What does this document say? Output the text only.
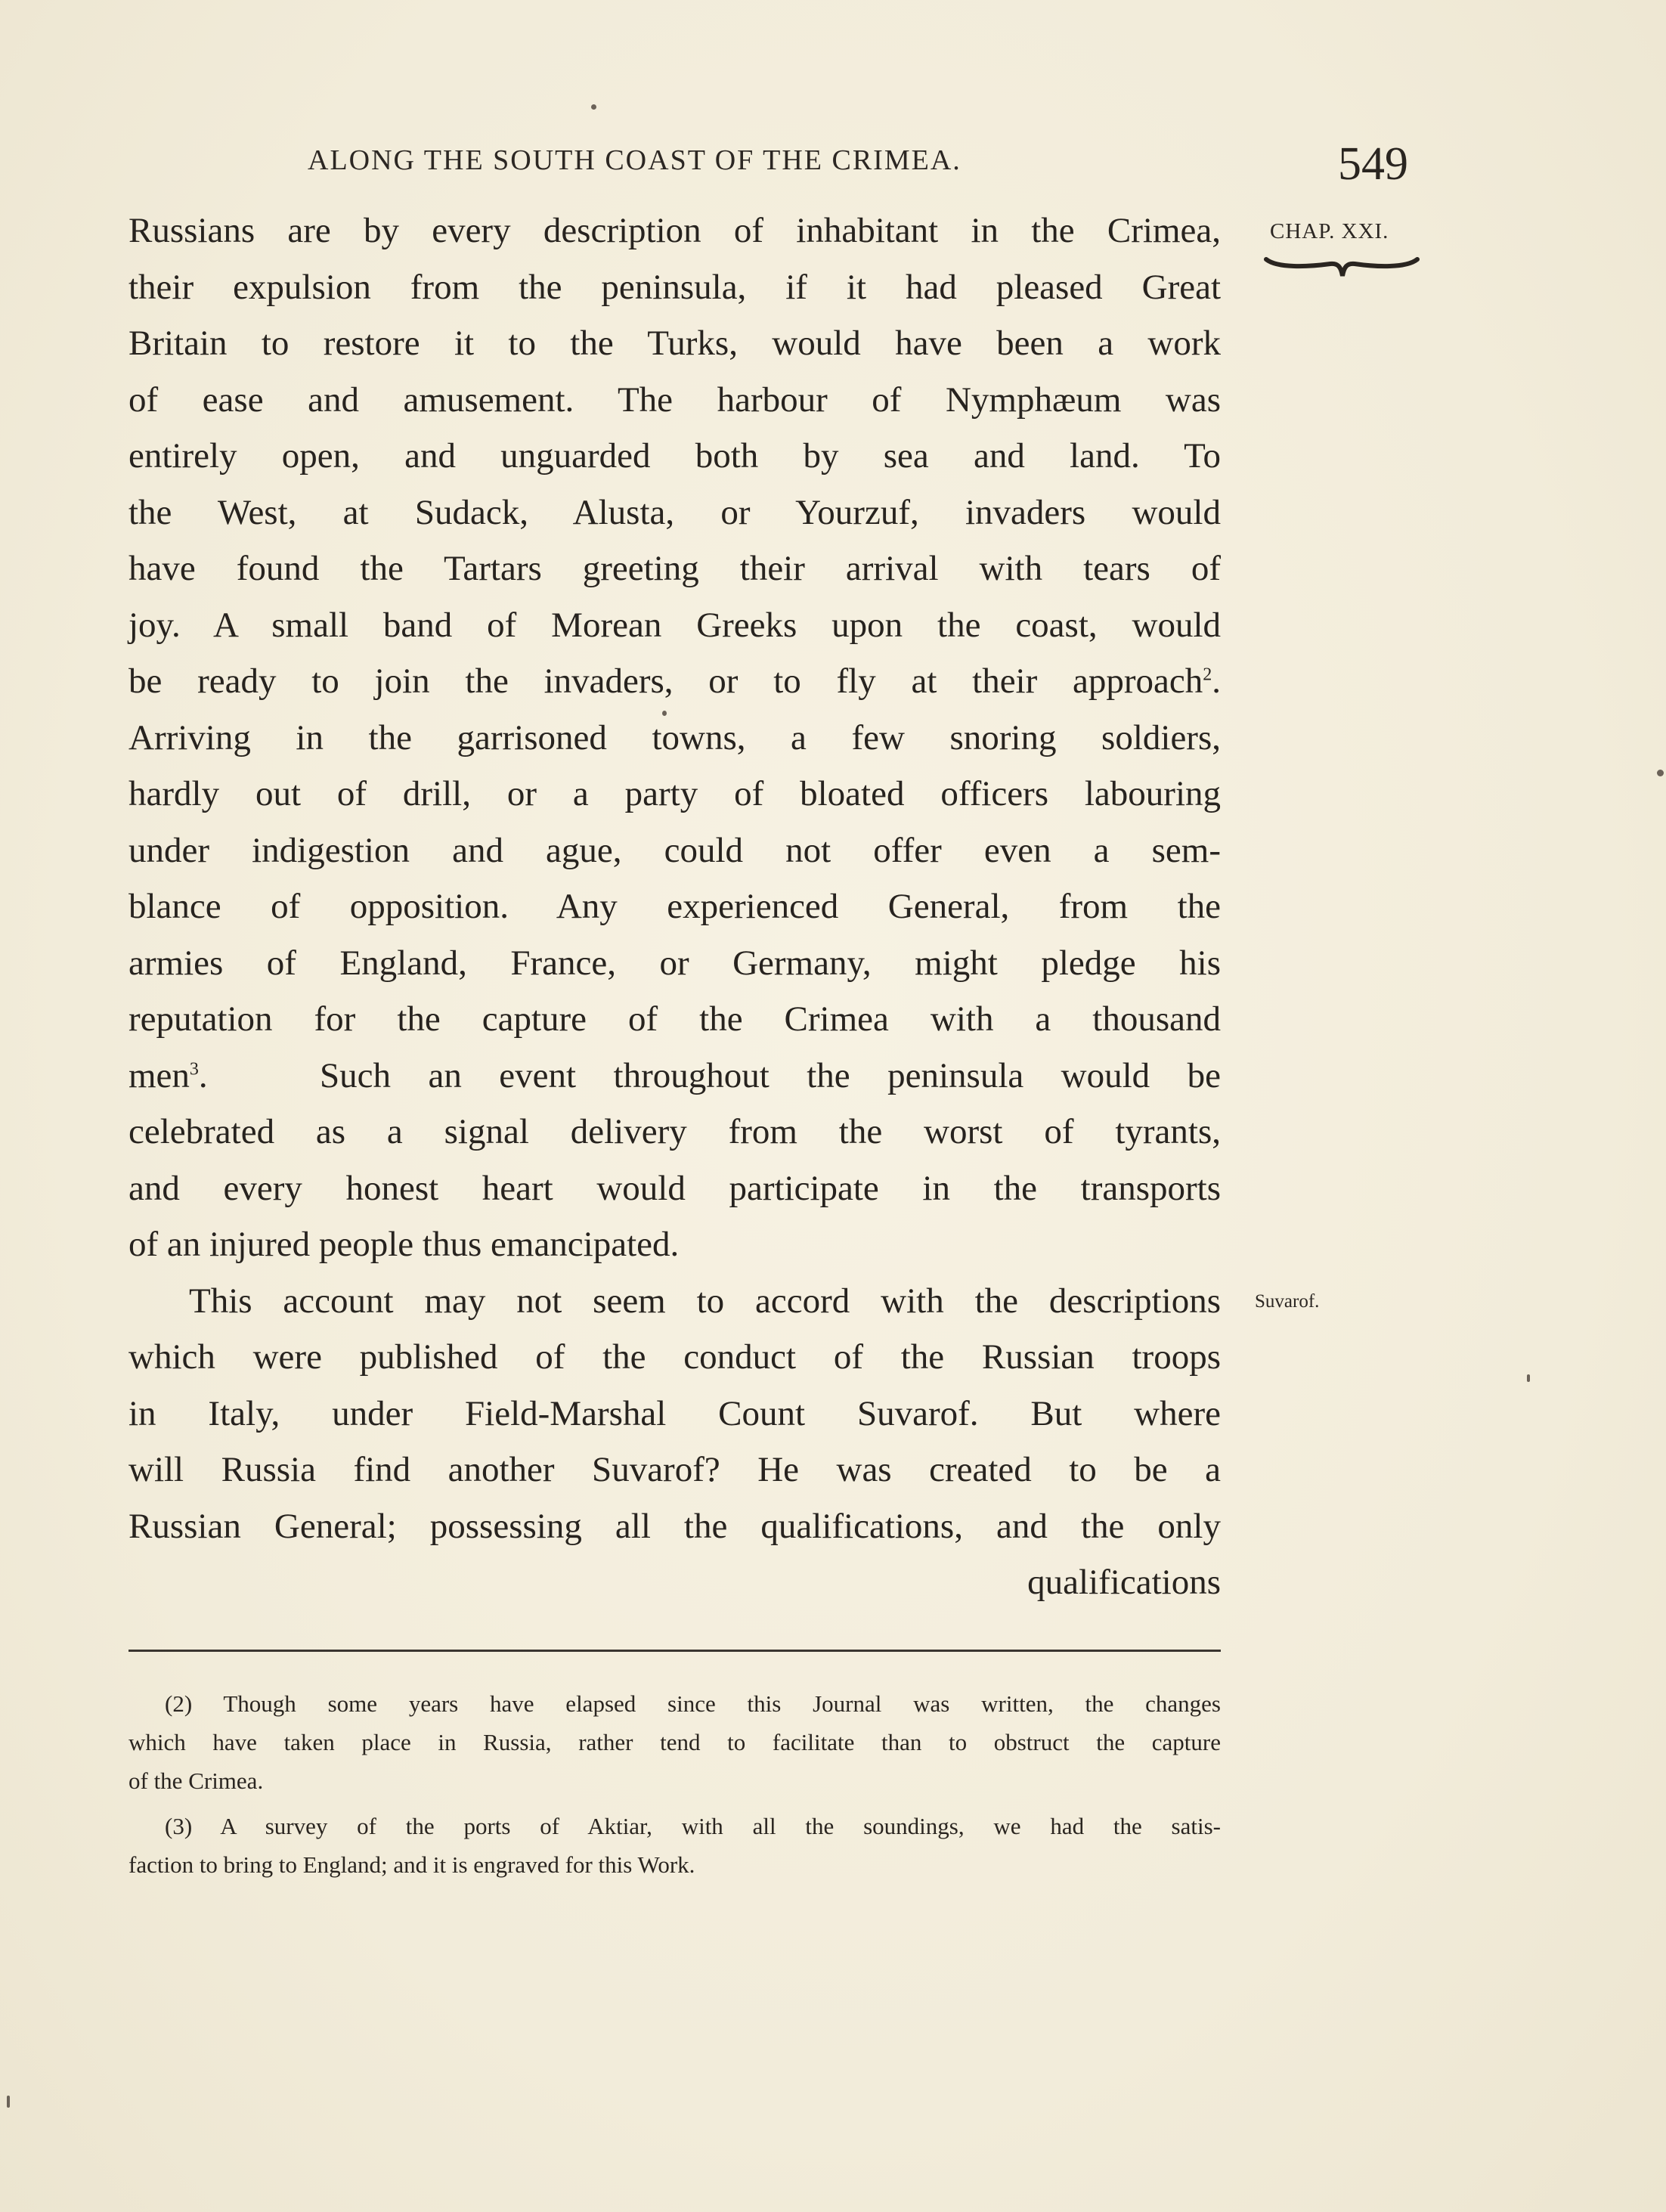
ALONG THE SOUTH COAST OF THE CRIMEA.	549
CHAP. XXI.
Suvarof.
Russians are by every description of inhabitant in the Crimea,
their expulsion from the peninsula, if it had pleased Great
Britain to restore it to the Turks, would have been a work
of ease and amusement. The harbour of Nymphæum was
entirely open, and unguarded both by sea and land. To
the West, at Sudack, Alusta, or Yourzuf, invaders would
have found the Tartars greeting their arrival with tears of
joy. A small band of Morean Greeks upon the coast, would
be ready to join the invaders, or to fly at their approach$^2$.
Arriving in the garrisoned towns, a few snoring soldiers,
hardly out of drill, or a party of bloated officers labouring
under indigestion and ague, could not offer even a sem-
blance of opposition. Any experienced General, from the
armies of England, France, or Germany, might pledge his
reputation for the capture of the Crimea with a thousand
men$^3$.   Such an event throughout the peninsula would be
celebrated as a signal delivery from the worst of tyrants,
and every honest heart would participate in the transports
of an injured people thus emancipated.
This account may not seem to accord with the descriptions
which were published of the conduct of the Russian troops
in Italy, under Field-Marshal Count Suvarof. But where
will Russia find another Suvarof? He was created to be a
Russian General; possessing all the qualifications, and the only
qualifications
(2) Though some years have elapsed since this Journal was written, the changes
which have taken place in Russia, rather tend to facilitate than to obstruct the capture
of the Crimea.
(3) A survey of the ports of Aktiar, with all the soundings, we had the satis-
faction to bring to England; and it is engraved for this Work.
